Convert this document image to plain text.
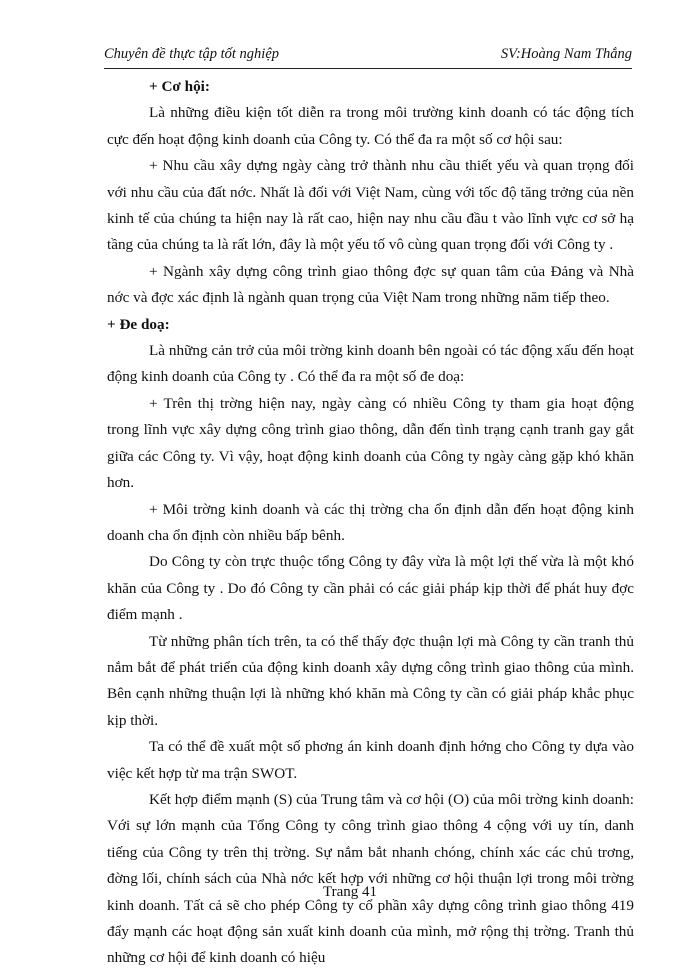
Chuyên đề thực tập tốt nghiệp	SV:Hoàng Nam Thắng

+ Cơ hội:

Là những điều kiện tốt diễn ra trong môi trường kinh doanh có tác động tích cực đến hoạt động kinh doanh của Công ty. Có thể đa ra một số cơ hội sau:

+ Nhu cầu xây dựng ngày càng trở thành nhu cầu thiết yếu và quan trọng đối với nhu cầu của đất nớc. Nhất là đối với Việt Nam, cùng với tốc độ tăng trởng của nền kinh tế của chúng ta hiện nay là rất cao, hiện nay nhu cầu đầu t vào lĩnh vực cơ sở hạ tầng của chúng ta là rất lớn, đây là một yếu tố vô cùng quan trọng đối với Công ty .

+ Ngành xây dựng công trình giao thông đợc sự quan tâm của Đảng và Nhà nớc và đợc xác định là ngành quan trọng của Việt Nam trong những năm tiếp theo.

+ Đe doạ:

Là những cản trở của môi trờng kinh doanh bên ngoài có tác động xấu đến hoạt động kinh doanh của Công ty . Có thể đa ra một số đe doạ:

+ Trên thị trờng hiện nay, ngày càng có nhiều Công ty tham gia hoạt động trong lĩnh vực xây dựng công trình giao thông, dẫn đến tình trạng cạnh tranh gay gắt giữa các Công ty. Vì vậy, hoạt động kinh doanh của Công ty ngày càng gặp khó khăn hơn.

+ Môi trờng kinh doanh và các thị trờng cha ổn định dẫn đến hoạt động kinh doanh cha ổn định còn nhiều bấp bênh.

Do Công ty còn trực thuộc tổng Công ty đây vừa là một lợi thế vừa là một khó khăn của Công ty . Do đó Công ty cần phải có các giải pháp kịp thời để phát huy đợc điểm mạnh .

Từ những phân tích trên, ta có thể thấy đợc thuận lợi mà Công ty cần tranh thủ nắm bắt để phát triển của động kinh doanh xây dựng công trình giao thông của mình. Bên cạnh những thuận lợi là những khó khăn mà Công ty cần có giải pháp khắc phục kịp thời.

Ta có thể đề xuất một số phơng án kinh doanh định hớng cho Công ty dựa vào việc kết hợp từ ma trận SWOT.

Kết hợp điểm mạnh (S) của Trung tâm và cơ hội (O) của môi trờng kinh doanh: Với sự lớn mạnh của Tổng Công ty công trình giao thông 4 cộng với uy tín, danh tiếng của Công ty trên thị trờng. Sự nắm bắt nhanh chóng, chính xác các chủ trơng, đờng lối, chính sách của Nhà nớc kết hợp với những cơ hội thuận lợi trong môi trờng kinh doanh. Tất cả sẽ cho phép Công ty cổ phần xây dựng công trình giao thông 419 đẩy mạnh các hoạt động sản xuất kinh doanh của mình, mở rộng thị trờng. Tranh thủ những cơ hội để kinh doanh có hiệu

Trang 41
